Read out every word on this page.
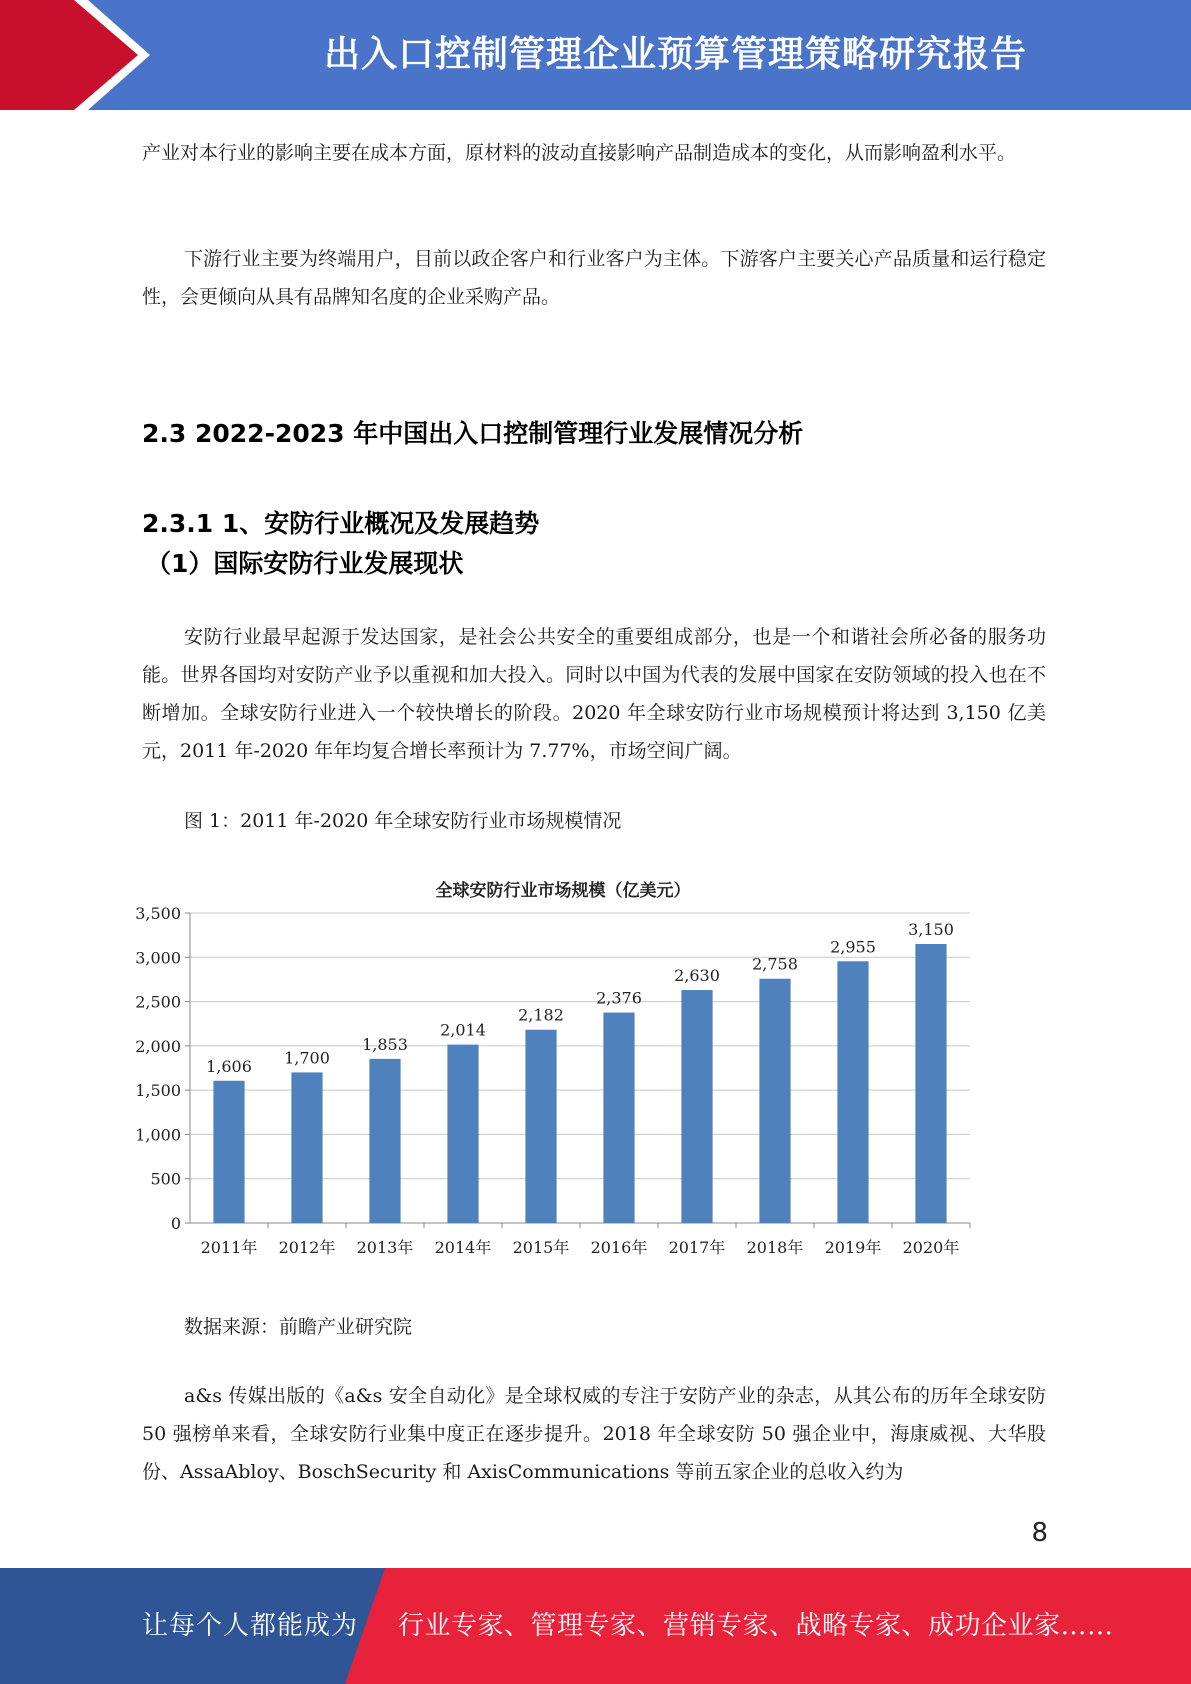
出入口控制管理企业预算管理策略研究报告

产业对本行业的影响主要在成本方面，原材料的波动直接影响产品制造成本的变化，从而影响盈利水平。

下游行业主要为终端用户，目前以政企客户和行业客户为主体。下游客户主要关心产品质量和运行稳定性，会更倾向从具有品牌知名度的企业采购产品。

2.3 2022-2023 年中国出入口控制管理行业发展情况分析
2.3.1 1、安防行业概况及发展趋势
（1）国际安防行业发展现状

安防行业最早起源于发达国家，是社会公共安全的重要组成部分，也是一个和谐社会所必备的服务功能。世界各国均对安防产业予以重视和加大投入。同时以中国为代表的发展中国家在安防领域的投入也在不断增加。全球安防行业进入一个较快增长的阶段。2020 年全球安防行业市场规模预计将达到 3,150 亿美元，2011 年-2020 年年均复合增长率预计为 7.77%，市场空间广阔。

图 1：2011 年-2020 年全球安防行业市场规模情况

全球安防行业市场规模（亿美元）
1,606 1,700
1,853
2,014
2,182
2,376
2,630
2,758
2,955
3,150
0
500
1,000
1,500
2,000
2,500
3,000
3,500
2011年 2012年 2013年 2014年 2015年 2016年 2017年 2018年 2019年 2020年

数据来源：前瞻产业研究院

a&s 传媒出版的《a&s 安全自动化》是全球权威的专注于安防产业的杂志，从其公布的历年全球安防 50 强榜单来看，全球安防行业集中度正在逐步提升。2018 年全球安防 50 强企业中，海康威视、大华股份、AssaAbloy、BoschSecurity 和 AxisCommunications 等前五家企业的总收入约为

8
让每个人都能成为 行业专家、管理专家、营销专家、战略专家、成功企业家……
